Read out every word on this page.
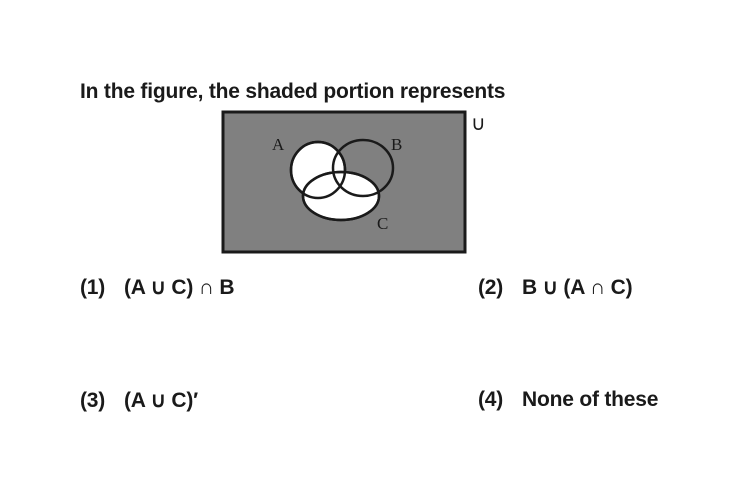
In the figure, the shaded portion represents
A	B
C
∪
(1) (A ∪ C) ∩ B	(2) B ∪ (A ∩ C)
(3) (A ∪ C)′	(4) None of these
